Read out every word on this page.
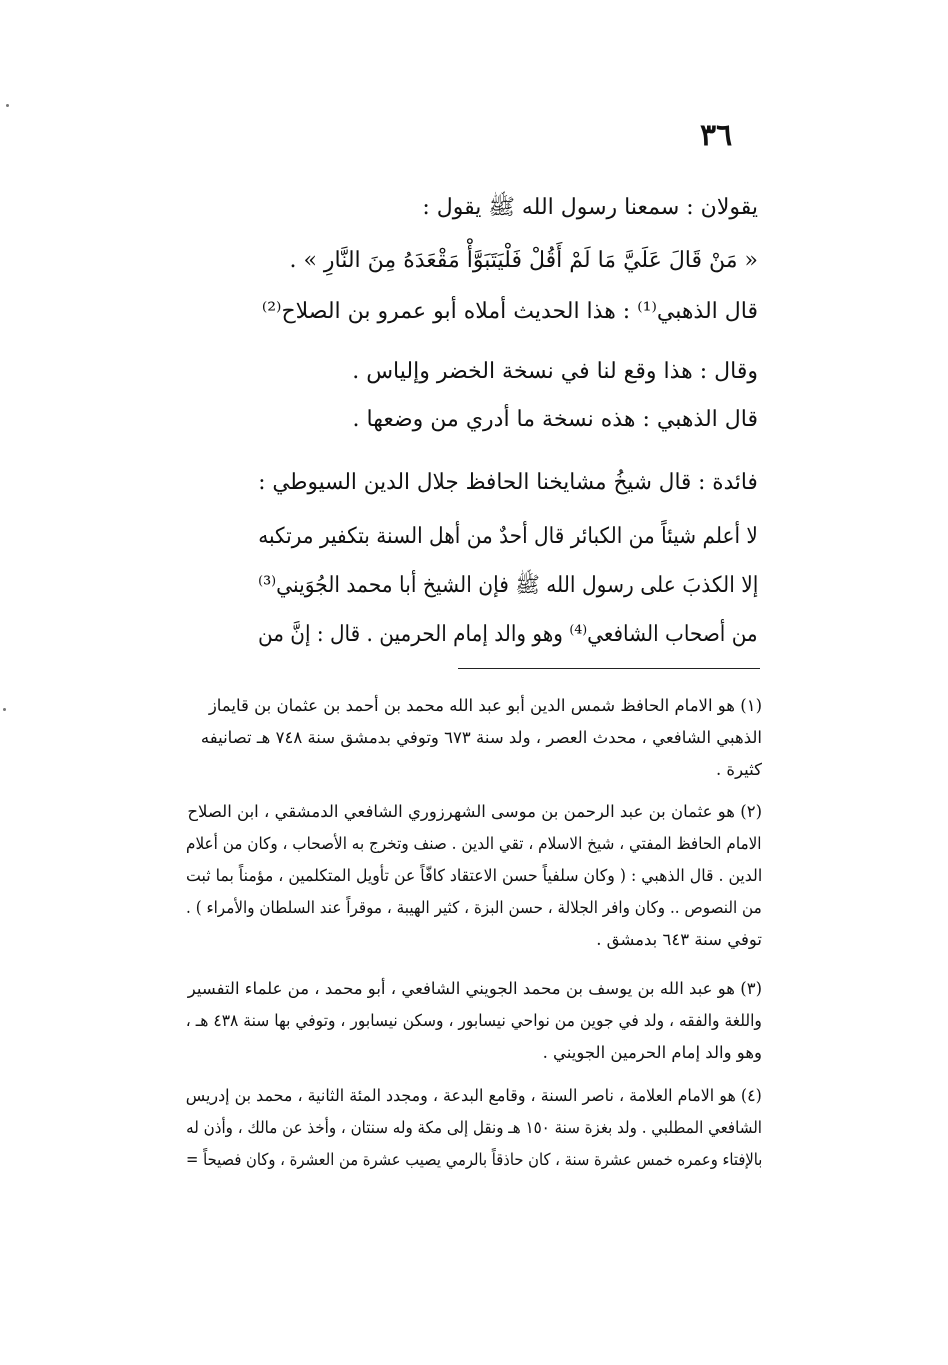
٣٦
يقولان : سمعنا رسول الله ﷺ يقول :
« مَنْ قَالَ عَلَيَّ مَا لَمْ أَقُلْ فَلْيَتَبَوَّأْ مَقْعَدَهُ مِنَ النَّارِ » .
قال الذهبي⁽¹⁾ : هذا الحديث أملاه أبو عمرو بن الصلاح⁽²⁾
وقال : هذا وقع لنا في نسخة الخضر وإلياس .
قال الذهبي : هذه نسخة ما أدري من وضعها .
فائدة : قال شيخُ مشايخنا الحافظ جلال الدين السيوطي :
لا أعلم شيئاً من الكبائر قال أحدٌ من أهل السنة بتكفير مرتكبه
إلا الكذبَ على رسول الله ﷺ فإن الشيخ أبا محمد الجُوَيني⁽³⁾
من أصحاب الشافعي⁽⁴⁾ وهو والد إمام الحرمين . قال : إنَّ من
(١) هو الامام الحافظ شمس الدين أبو عبد الله محمد بن أحمد بن عثمان بن قايماز
الذهبي الشافعي ، محدث العصر ، ولد سنة ٦٧٣ وتوفي بدمشق سنة ٧٤٨ هـ تصانيفه
كثيرة .
(٢) هو عثمان بن عبد الرحمن بن موسى الشهرزوري الشافعي الدمشقي ، ابن الصلاح
الامام الحافظ المفتي ، شيخ الاسلام ، تقي الدين . صنف وتخرج به الأصحاب ، وكان من أعلام
الدين . قال الذهبي : ( وكان سلفياً حسن الاعتقاد كافّاً عن تأويل المتكلمين ، مؤمناً بما ثبت
من النصوص .. وكان وافر الجلالة ، حسن البزة ، كثير الهيبة ، موقراً عند السلطان والأمراء ) .
توفي سنة ٦٤٣ بدمشق .
(٣) هو عبد الله بن يوسف بن محمد الجويني الشافعي ، أبو محمد ، من علماء التفسير
واللغة والفقه ، ولد في جوين من نواحي نيسابور ، وسكن نيسابور ، وتوفي بها سنة ٤٣٨ هـ ،
وهو والد إمام الحرمين الجويني .
(٤) هو الامام العلامة ، ناصر السنة ، وقامع البدعة ، ومجدد المئة الثانية ، محمد بن إدريس
الشافعي المطلبي . ولد بغزة سنة ١٥٠ هـ ونقل إلى مكة وله سنتان ، وأخذ عن مالك ، وأذن له
بالإفتاء وعمره خمس عشرة سنة ، كان حاذقاً بالرمي يصيب عشرة من العشرة ، وكان فصيحاً =
